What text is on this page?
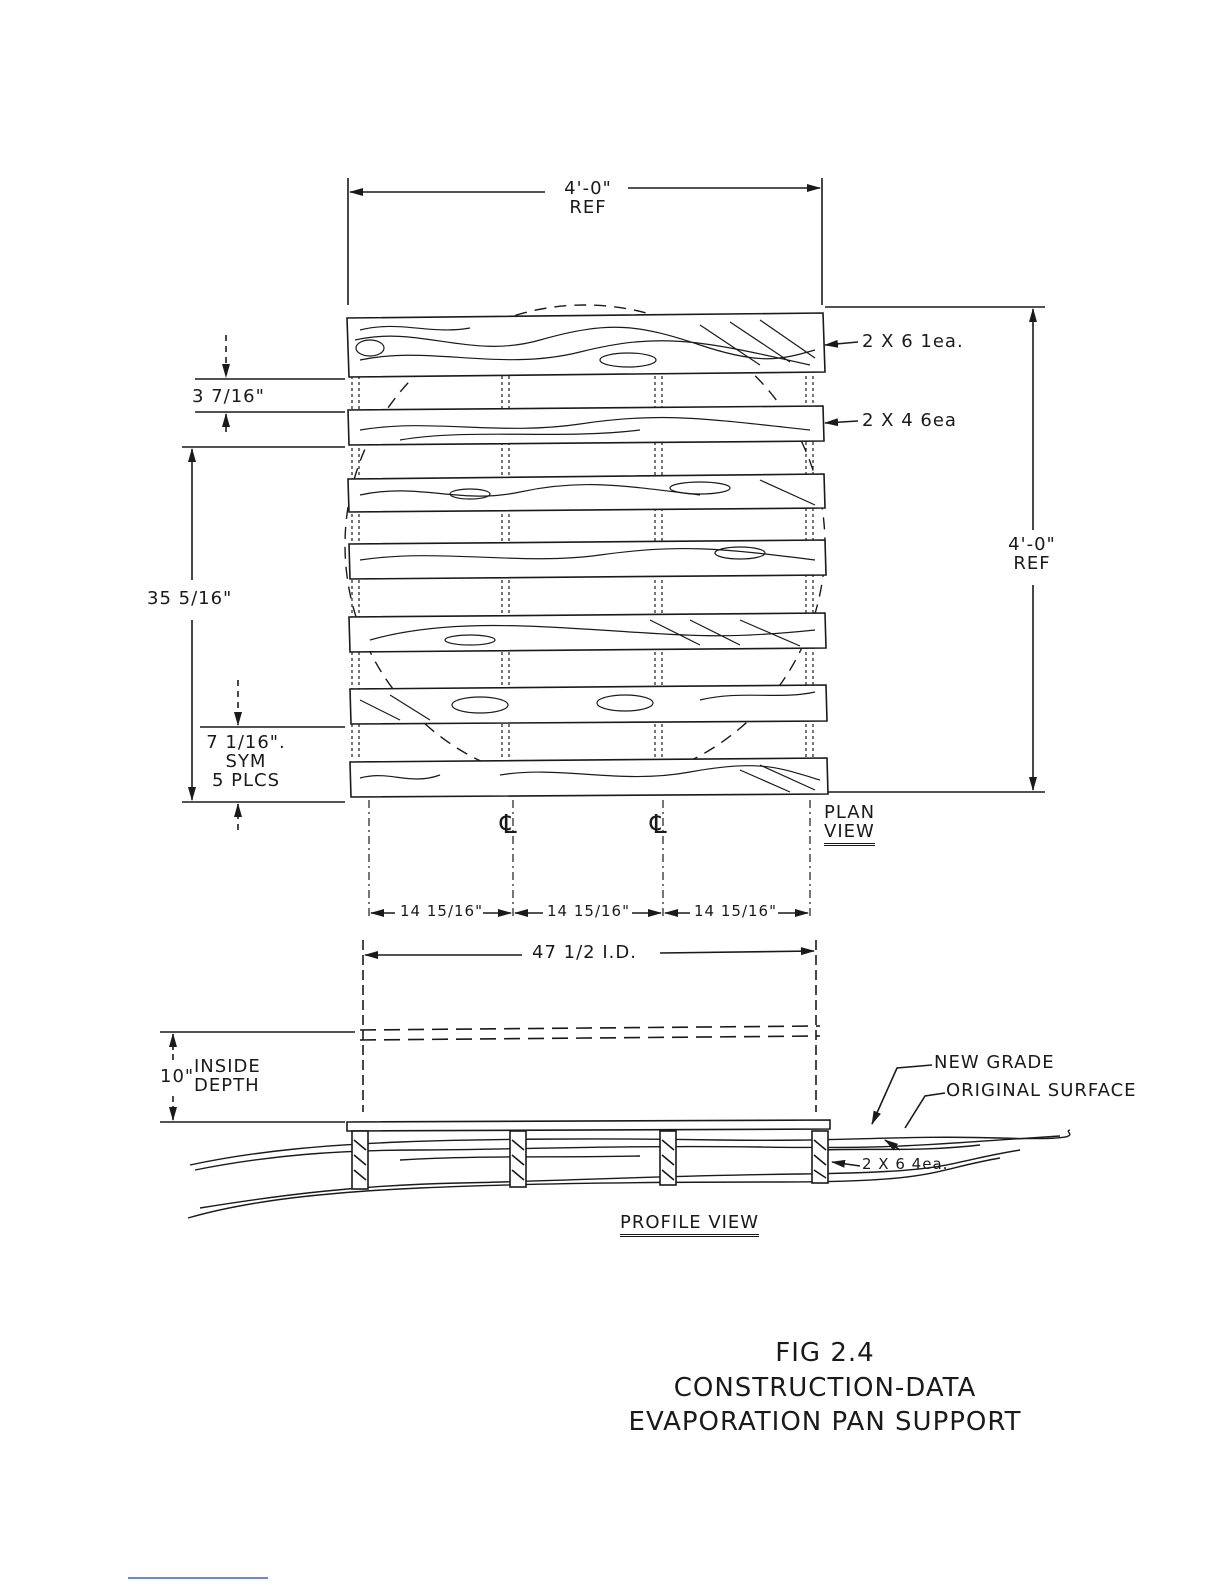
4'-0"
REF
4'-0"
REF
2 X 6 1ea.
2 X 4 6ea
3 7/16"
35 5/16"
7 1/16".
SYM
5 PLCS
℄	℄	PLAN
VIEW
14 15/16"	14 15/16"	14 15/16"
47 1/2 I.D.
10" INSIDE
DEPTH
NEW GRADE
ORIGINAL SURFACE
2 X 6 4ea.
PROFILE VIEW
FIG 2.4
CONSTRUCTION-DATA
EVAPORATION PAN SUPPORT
